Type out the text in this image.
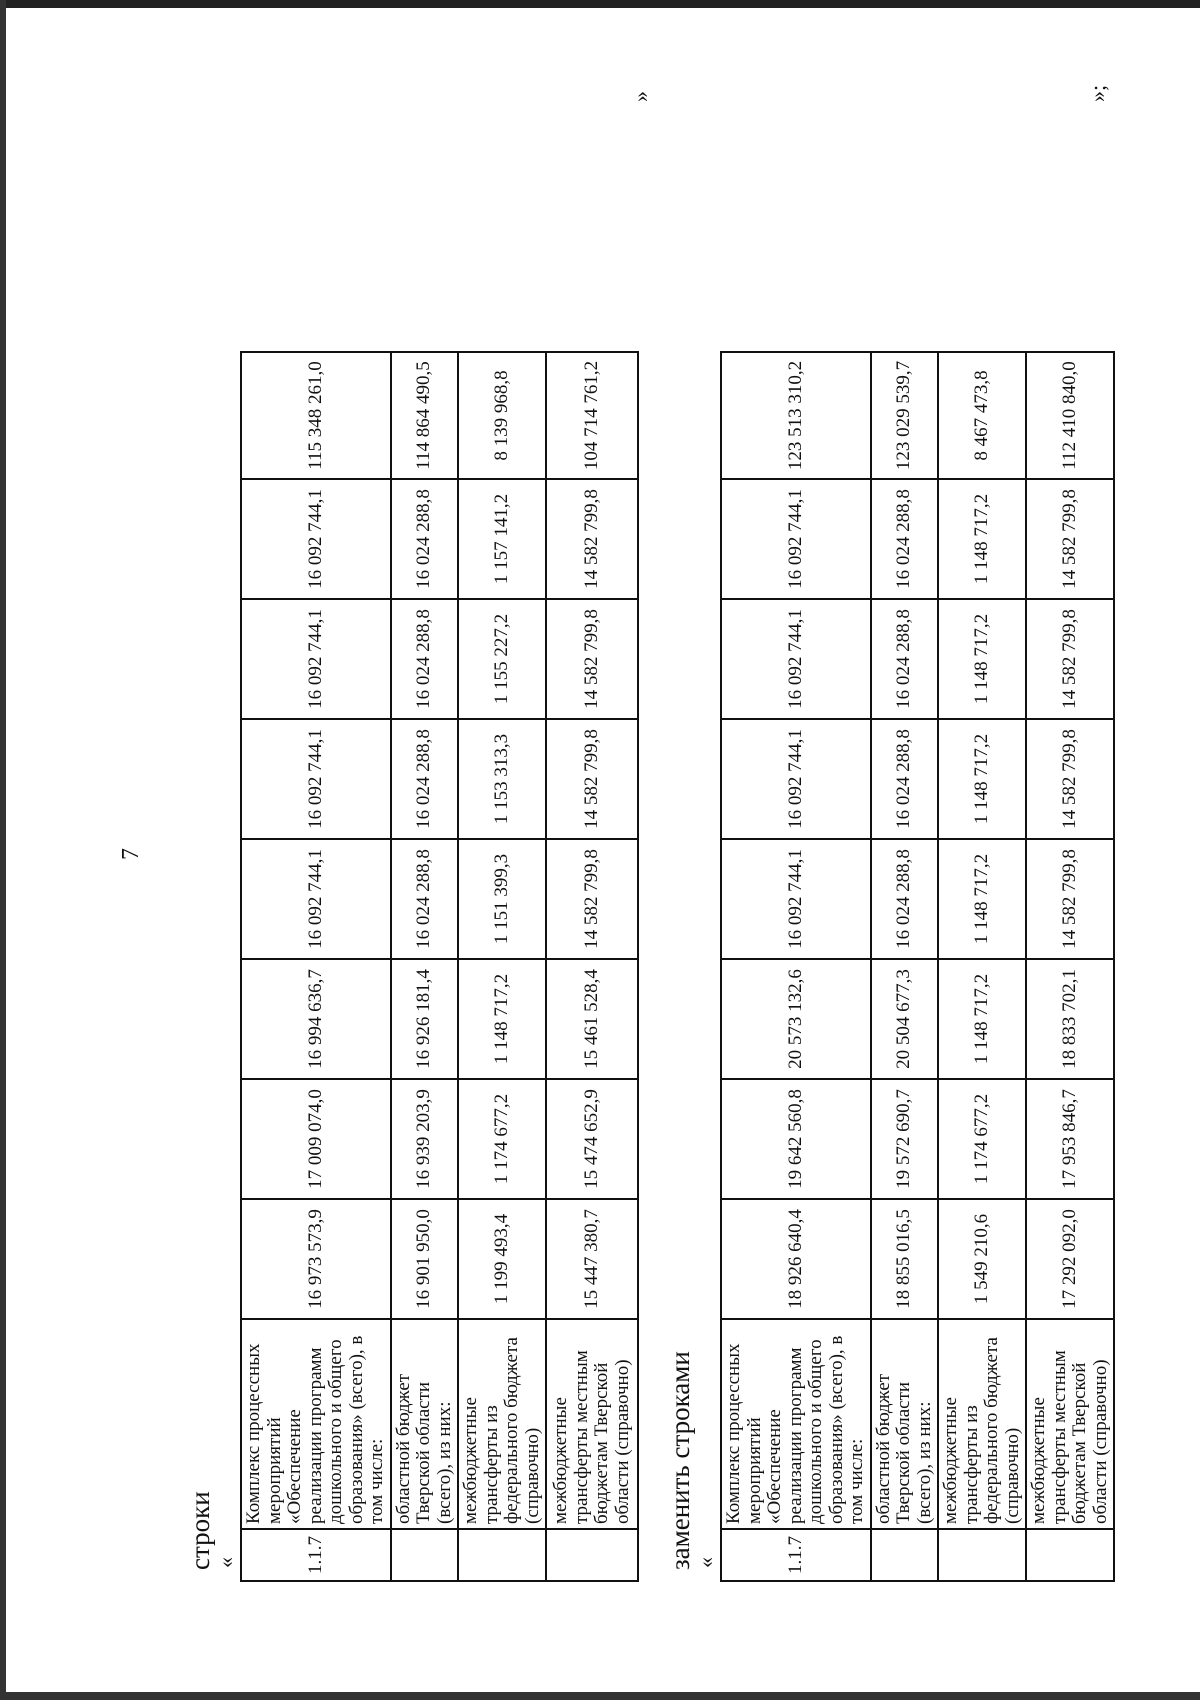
7
строки
«	1.1.7	Комплекс процессных мероприятий «Обеспечение реализации программ дошкольного и общего образования» (всего), в том числе:	16 973 573,9	17 009 074,0	16 994 636,7	16 092 744,1	16 092 744,1	16 092 744,1	16 092 744,1	115 348 261,0
	областной бюджет Тверской области (всего), из них:	16 901 950,0	16 939 203,9	16 926 181,4	16 024 288,8	16 024 288,8	16 024 288,8	16 024 288,8	114 864 490,5
	межбюджетные трансферты из федерального бюджета (справочно)	1 199 493,4	1 174 677,2	1 148 717,2	1 151 399,3	1 153 313,3	1 155 227,2	1 157 141,2	8 139 968,8
	межбюджетные трансферты местным бюджетам Тверской области (справочно)	15 447 380,7	15 474 652,9	15 461 528,4	14 582 799,8	14 582 799,8	14 582 799,8	14 582 799,8	104 714 761,2
»
заменить строками
«	1.1.7	Комплекс процессных мероприятий «Обеспечение реализации программ дошкольного и общего образования» (всего), в том числе:	18 926 640,4	19 642 560,8	20 573 132,6	16 092 744,1	16 092 744,1	16 092 744,1	16 092 744,1	123 513 310,2
	областной бюджет Тверской области (всего), из них:	18 855 016,5	19 572 690,7	20 504 677,3	16 024 288,8	16 024 288,8	16 024 288,8	16 024 288,8	123 029 539,7
	межбюджетные трансферты из федерального бюджета (справочно)	1 549 210,6	1 174 677,2	1 148 717,2	1 148 717,2	1 148 717,2	1 148 717,2	1 148 717,2	8 467 473,8
	межбюджетные трансферты местным бюджетам Тверской области (справочно)	17 292 092,0	17 953 846,7	18 833 702,1	14 582 799,8	14 582 799,8	14 582 799,8	14 582 799,8	112 410 840,0
»;
